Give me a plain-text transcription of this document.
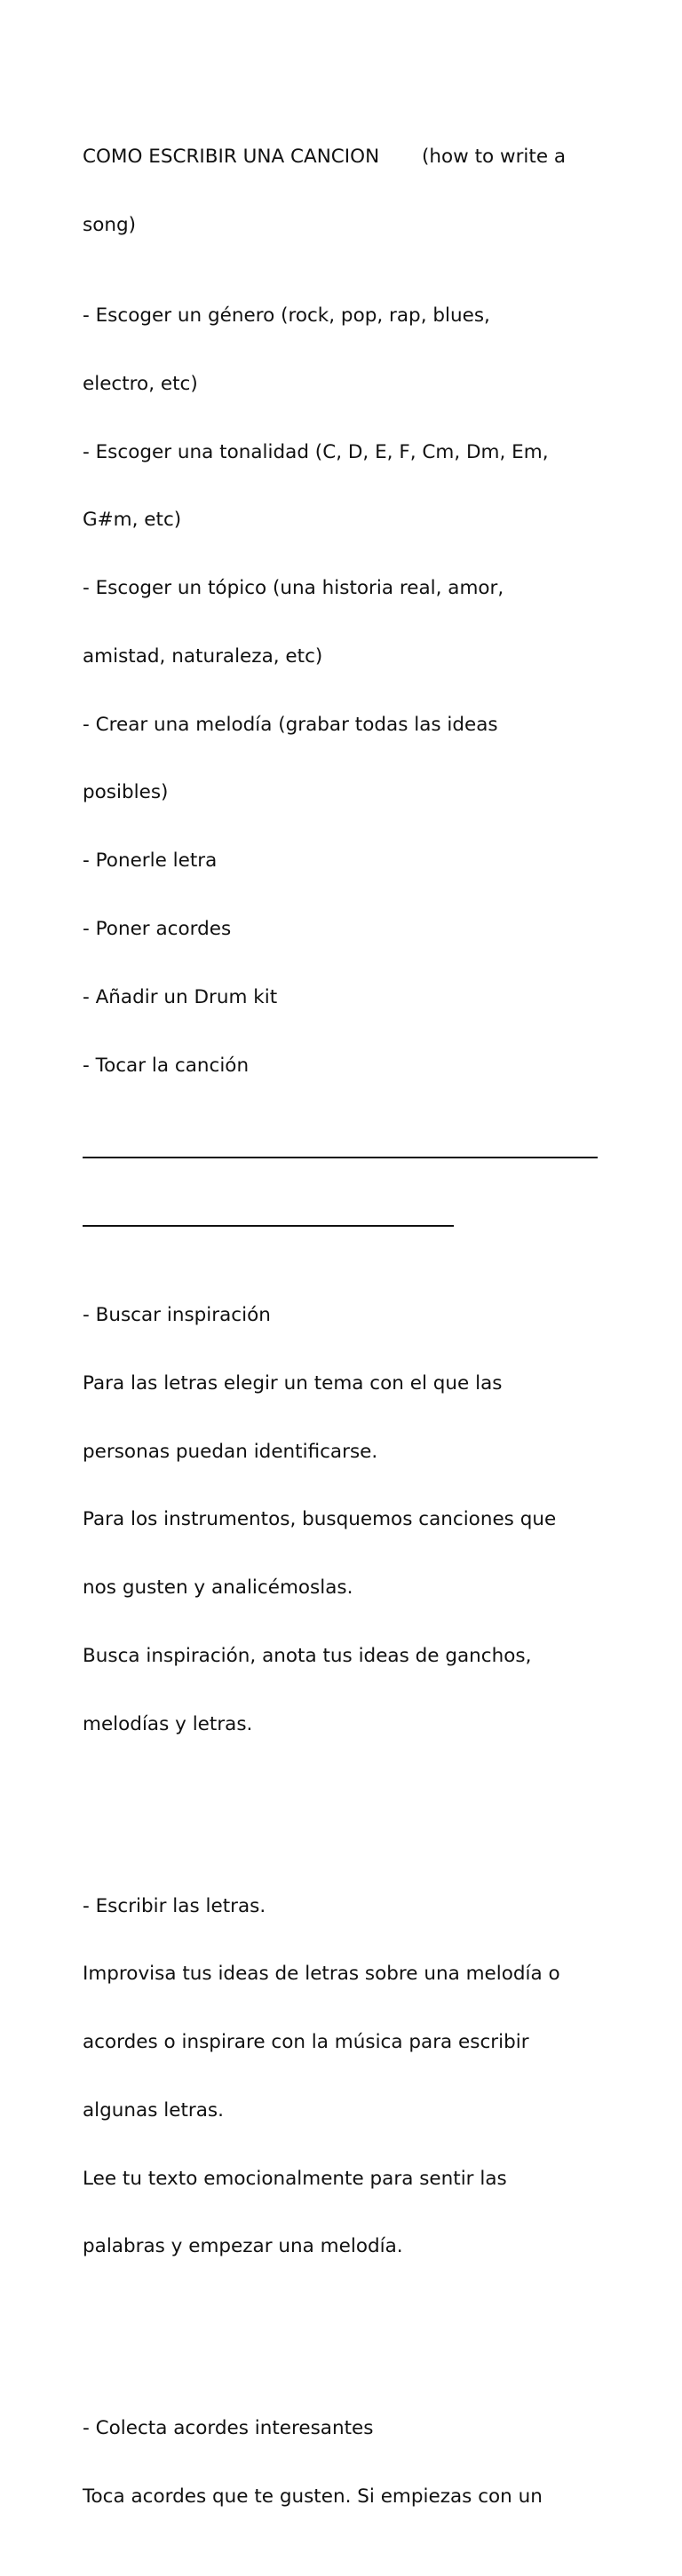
COMO ESCRIBIR UNA CANCION (how to write a

song)

- Escoger un género (rock, pop, rap, blues,

electro, etc)

- Escoger una tonalidad (C, D, E, F, Cm, Dm, Em,

G#m, etc)

- Escoger un tópico (una historia real, amor,

amistad, naturaleza, etc)

- Crear una melodía (grabar todas las ideas

posibles)

- Ponerle letra

- Poner acordes

- Añadir un Drum kit

- Tocar la canción

- Buscar inspiración

Para las letras elegir un tema con el que las

personas puedan identificarse.

Para los instrumentos, busquemos canciones que

nos gusten y analicémoslas.

Busca inspiración, anota tus ideas de ganchos,

melodías y letras.

- Escribir las letras.

Improvisa tus ideas de letras sobre una melodía o

acordes o inspirare con la música para escribir

algunas letras.

Lee tu texto emocionalmente para sentir las

palabras y empezar una melodía.

- Colecta acordes interesantes

Toca acordes que te gusten. Si empiezas con un
